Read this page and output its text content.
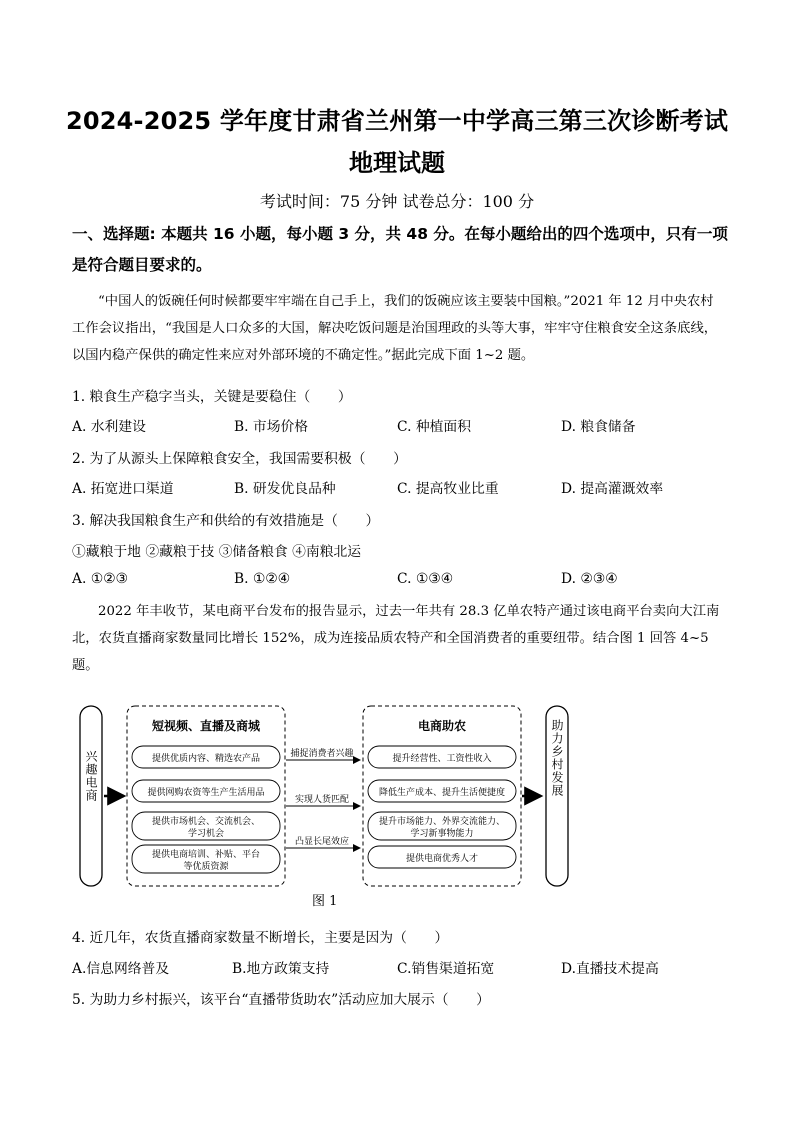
2024-2025 学年度甘肃省兰州第一中学高三第三次诊断考试
地理试题
考试时间：75 分钟 试卷总分：100 分
一、选择题: 本题共 16 小题，每小题 3 分，共 48 分。在每小题给出的四个选项中，只有一项是符合题目要求的。
“中国人的饭碗任何时候都要牢牢端在自己手上，我们的饭碗应该主要装中国粮。”2021 年 12 月中央农村工作会议指出，“我国是人口众多的大国，解决吃饭问题是治国理政的头等大事，牢牢守住粮食安全这条底线，以国内稳产保供的确定性来应对外部环境的不确定性。”据此完成下面 1~2 题。
1. 粮食生产稳字当头，关键是要稳住（　　）
A. 水利建设	B. 市场价格	C. 种植面积	D. 粮食储备
2. 为了从源头上保障粮食安全，我国需要积极（　　）
A. 拓宽进口渠道	B. 研发优良品种	C. 提高牧业比重	D. 提高灌溉效率
3. 解决我国粮食生产和供给的有效措施是（　　）
①藏粮于地 ②藏粮于技 ③储备粮食 ④南粮北运
A. ①②③	B. ①②④	C. ①③④	D. ②③④
2022 年丰收节，某电商平台发布的报告显示，过去一年共有 28.3 亿单农特产通过该电商平台卖向大江南北，农货直播商家数量同比增长 152%，成为连接品质农特产和全国消费者的重要纽带。结合图 1 回答 4~5 题。
兴趣电商
短视频、直播及商城
提供优质内容、精选农产品
提供网购农资等生产生活用品
提供市场机会、交流机会、
学习机会
提供电商培训、补贴、平台
等优质资源
捕捉消费者兴趣
实现人货匹配
凸显长尾效应
电商助农
提升经营性、工资性收入
降低生产成本、提升生活便捷度
提升市场能力、外界交流能力、
学习新事物能力
提供电商优秀人才
助力乡村发展
图 1
4. 近几年，农货直播商家数量不断增长，主要是因为（　　）
A.信息网络普及	B.地方政策支持	C.销售渠道拓宽	D.直播技术提高
5. 为助力乡村振兴，该平台“直播带货助农”活动应加大展示（　　）
